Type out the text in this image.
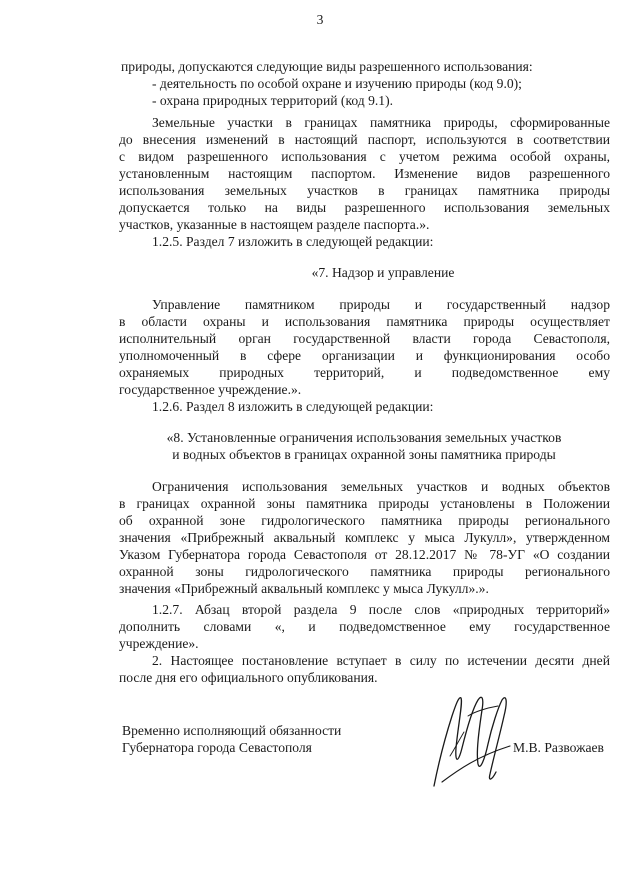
3
природы, допускаются следующие виды разрешенного использования:
- деятельность по особой охране и изучению природы (код 9.0);
- охрана природных территорий (код 9.1).
Земельные участки в границах памятника природы, сформированные
до внесения изменений в настоящий паспорт, используются в соответствии
с видом разрешенного использования с учетом режима особой охраны,
установленным настоящим паспортом. Изменение видов разрешенного
использования земельных участков в границах памятника природы
допускается только на виды разрешенного использования земельных
участков, указанные в настоящем разделе паспорта.».
1.2.5. Раздел 7 изложить в следующей редакции:
«7. Надзор и управление
Управление памятником природы и государственный надзор
в области охраны и использования памятника природы осуществляет
исполнительный орган государственной власти города Севастополя,
уполномоченный в сфере организации и функционирования особо
охраняемых природных территорий, и подведомственное ему
государственное учреждение.».
1.2.6. Раздел 8 изложить в следующей редакции:
«8. Установленные ограничения использования земельных участков
и водных объектов в границах охранной зоны памятника природы
Ограничения использования земельных участков и водных объектов
в границах охранной зоны памятника природы установлены в Положении
об охранной зоне гидрологического памятника природы регионального
значения «Прибрежный аквальный комплекс у мыса Лукулл», утвержденном
Указом Губернатора города Севастополя от 28.12.2017 № 78-УГ «О создании
охранной зоны гидрологического памятника природы регионального
значения «Прибрежный аквальный комплекс у мыса Лукулл».».
1.2.7. Абзац второй раздела 9 после слов «природных территорий»
дополнить словами «, и подведомственное ему государственное
учреждение».
2. Настоящее постановление вступает в силу по истечении десяти дней
после дня его официального опубликования.
Временно исполняющий обязанности
Губернатора города Севастополя	М.В. Развожаев
